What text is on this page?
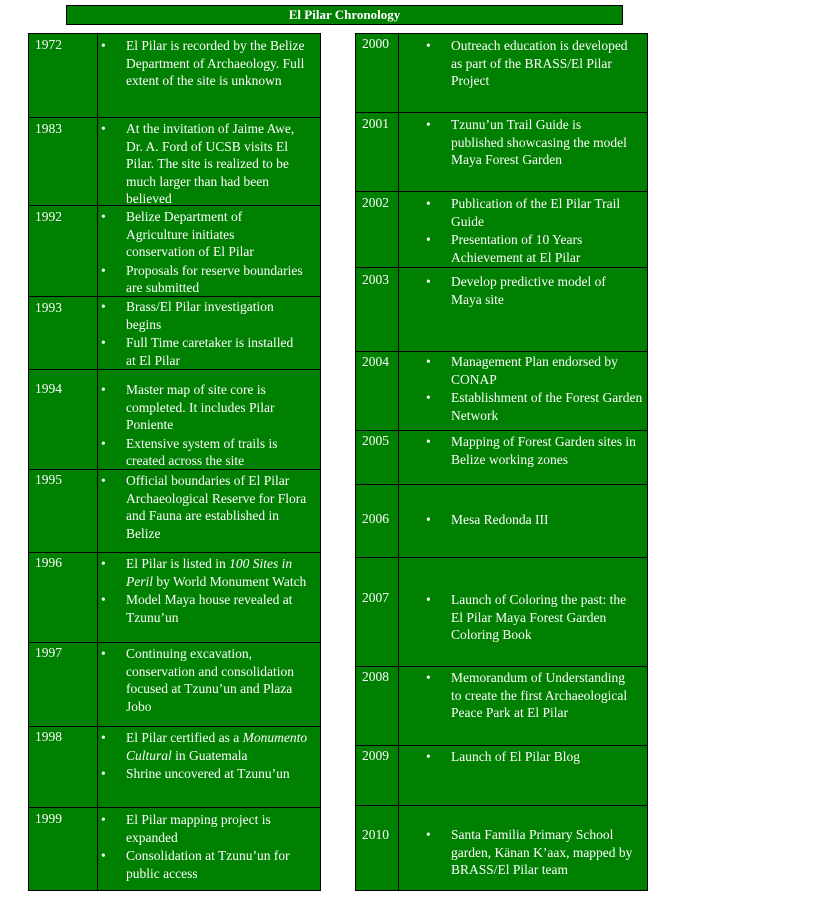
El Pilar Chronology
1972	• El Pilar is recorded by the Belize Department of Archaeology. Full extent of the site is unknown
1983	• At the invitation of Jaime Awe, Dr. A. Ford of UCSB visits El Pilar. The site is realized to be much larger than had been believed
1992	• Belize Department of Agriculture initiates conservation of El Pilar
• Proposals for reserve boundaries are submitted
1993	• Brass/El Pilar investigation begins
• Full Time caretaker is installed at El Pilar
1994	• Master map of site core is completed. It includes Pilar Poniente
• Extensive system of trails is created across the site
1995	• Official boundaries of El Pilar Archaeological Reserve for Flora and Fauna are established in Belize
1996	• El Pilar is listed in 100 Sites in Peril by World Monument Watch
• Model Maya house revealed at Tzunu’un
1997	• Continuing excavation, conservation and consolidation focused at Tzunu’un and Plaza Jobo
1998	• El Pilar certified as a Monumento Cultural in Guatemala
• Shrine uncovered at Tzunu’un
1999	• El Pilar mapping project is expanded
• Consolidation at Tzunu’un for public access
2000	• Outreach education is developed as part of the BRASS/El Pilar Project
2001	• Tzunu’un Trail Guide is published showcasing the model Maya Forest Garden
2002	• Publication of the El Pilar Trail Guide
• Presentation of 10 Years Achievement at El Pilar
2003	• Develop predictive model of Maya site
2004	• Management Plan endorsed by CONAP
• Establishment of the Forest Garden Network
2005	• Mapping of Forest Garden sites in Belize working zones
2006	• Mesa Redonda III
2007	• Launch of Coloring the past: the El Pilar Maya Forest Garden Coloring Book
2008	• Memorandum of Understanding to create the first Archaeological Peace Park at El Pilar
2009	• Launch of El Pilar Blog
2010	• Santa Familia Primary School garden, Känan K’aax, mapped by BRASS/El Pilar team
